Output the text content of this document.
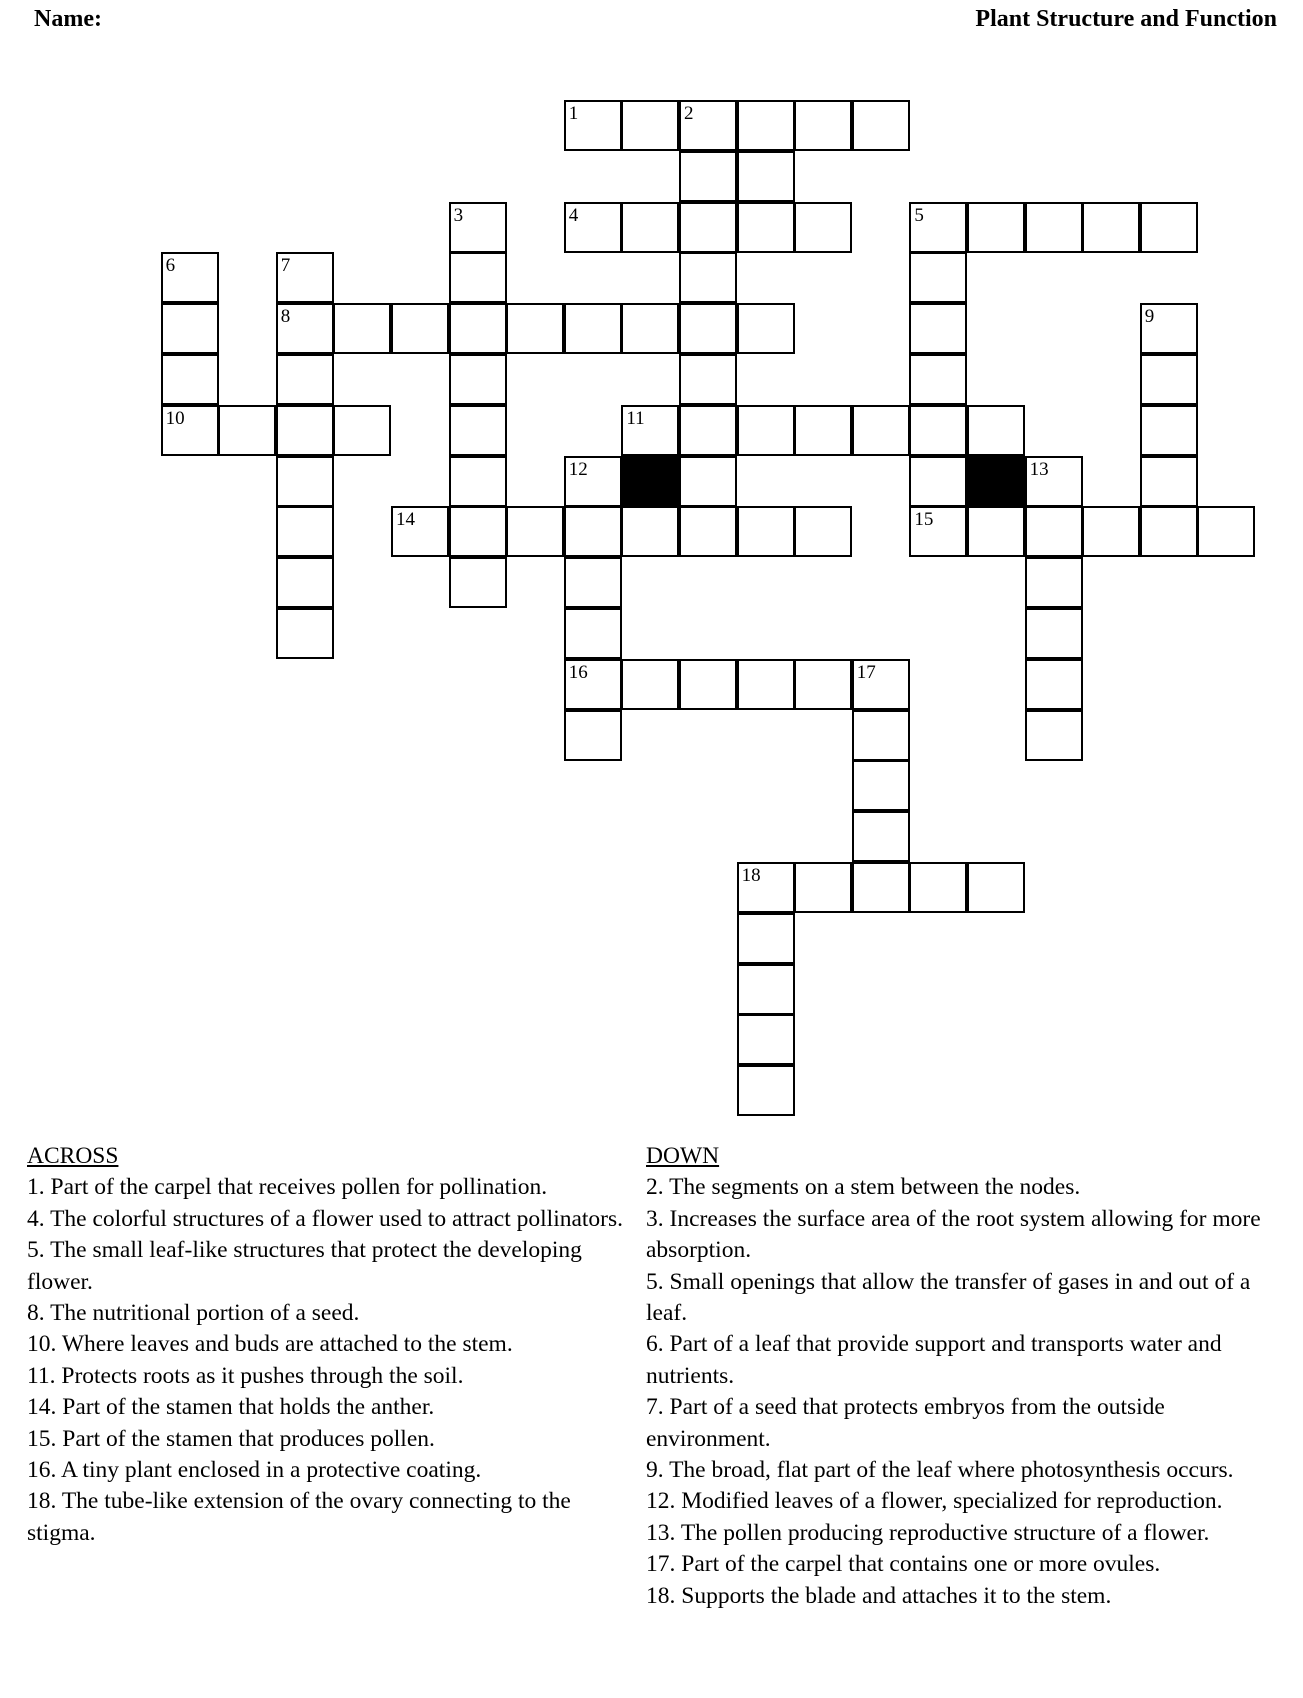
Name:	Plant Structure and Function
1	2
3	4	5
6	7
8	9
10	11
12	13
14	15
16	17
18
ACROSS
1. Part of the carpel that receives pollen for pollination.
4. The colorful structures of a flower used to attract pollinators.
5. The small leaf-like structures that protect the developing flower.
8. The nutritional portion of a seed.
10. Where leaves and buds are attached to the stem.
11. Protects roots as it pushes through the soil.
14. Part of the stamen that holds the anther.
15. Part of the stamen that produces pollen.
16. A tiny plant enclosed in a protective coating.
18. The tube-like extension of the ovary connecting to the stigma.
DOWN
2. The segments on a stem between the nodes.
3. Increases the surface area of the root system allowing for more absorption.
5. Small openings that allow the transfer of gases in and out of a leaf.
6. Part of a leaf that provide support and transports water and nutrients.
7. Part of a seed that protects embryos from the outside environment.
9. The broad, flat part of the leaf where photosynthesis occurs.
12. Modified leaves of a flower, specialized for reproduction.
13. The pollen producing reproductive structure of a flower.
17. Part of the carpel that contains one or more ovules.
18. Supports the blade and attaches it to the stem.
